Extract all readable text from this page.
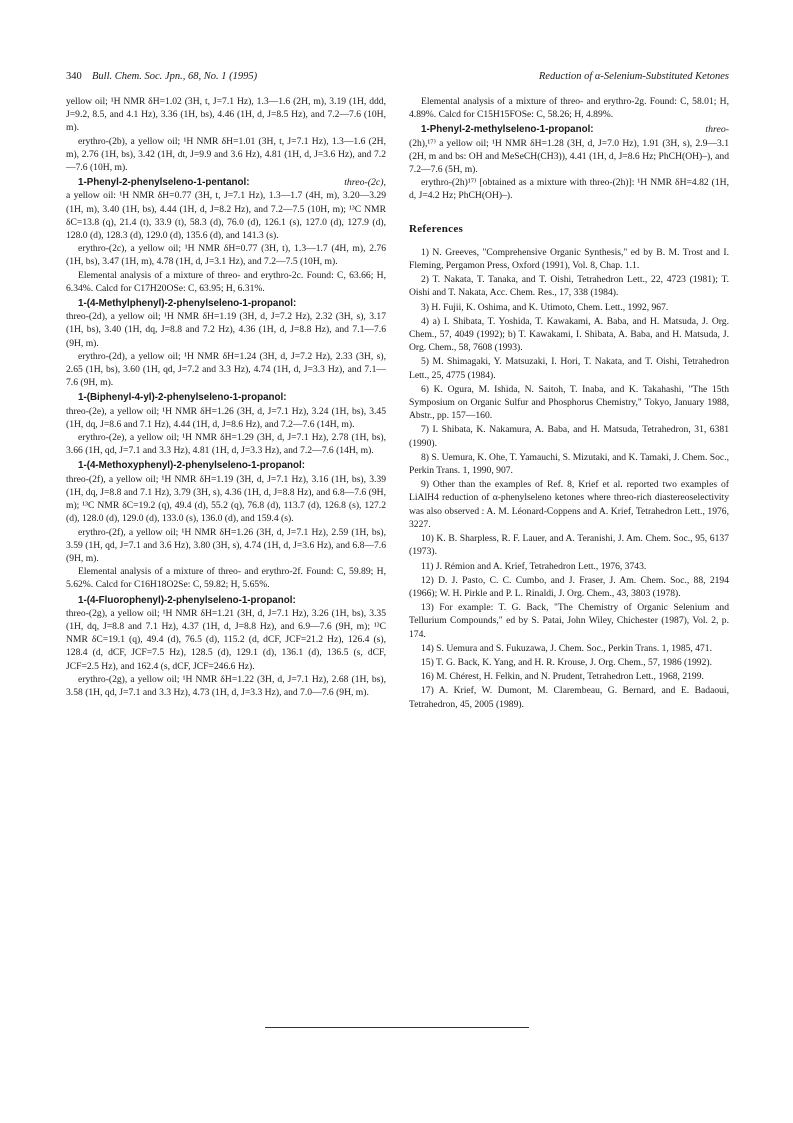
340 Bull. Chem. Soc. Jpn., 68, No. 1 (1995)	Reduction of α-Selenium-Substituted Ketones

yellow oil; ¹H NMR δH=1.02 (3H, t, J=7.1 Hz), 1.3—1.6 (2H, m), 3.19 (1H, ddd, J=9.2, 8.5, and 4.1 Hz), 3.36 (1H, bs), 4.46 (1H, d, J=8.5 Hz), and 7.2—7.6 (10H, m).

erythro-(2b), a yellow oil; ¹H NMR δH=1.01 (3H, t, J=7.1 Hz), 1.3—1.6 (2H, m), 2.76 (1H, bs), 3.42 (1H, dt, J=9.9 and 3.6 Hz), 4.81 (1H, d, J=3.6 Hz), and 7.2—7.6 (10H, m).

1-Phenyl-2-phenylseleno-1-pentanol:	threo-(2c),

a yellow oil: ¹H NMR δH=0.77 (3H, t, J=7.1 Hz), 1.3—1.7 (4H, m), 3.20—3.29 (1H, m), 3.40 (1H, bs), 4.44 (1H, d, J=8.2 Hz), and 7.2—7.5 (10H, m); ¹³C NMR δC=13.8 (q), 21.4 (t), 33.9 (t), 58.3 (d), 76.0 (d), 126.1 (s), 127.0 (d), 127.9 (d), 128.0 (d), 128.3 (d), 129.0 (d), 135.6 (d), and 141.3 (s).

erythro-(2c), a yellow oil; ¹H NMR δH=0.77 (3H, t), 1.3—1.7 (4H, m), 2.76 (1H, bs), 3.47 (1H, m), 4.78 (1H, d, J=3.1 Hz), and 7.2—7.5 (10H, m).

Elemental analysis of a mixture of threo- and erythro-2c. Found: C, 63.66; H, 6.34%. Calcd for C17H20OSe: C, 63.95; H, 6.31%.

1-(4-Methylphenyl)-2-phenylseleno-1-propanol:

threo-(2d), a yellow oil; ¹H NMR δH=1.19 (3H, d, J=7.2 Hz), 2.32 (3H, s), 3.17 (1H, bs), 3.40 (1H, dq, J=8.8 and 7.2 Hz), 4.36 (1H, d, J=8.8 Hz), and 7.1—7.6 (9H, m).

erythro-(2d), a yellow oil; ¹H NMR δH=1.24 (3H, d, J=7.2 Hz), 2.33 (3H, s), 2.65 (1H, bs), 3.60 (1H, qd, J=7.2 and 3.3 Hz), 4.74 (1H, d, J=3.3 Hz), and 7.1—7.6 (9H, m).

1-(Biphenyl-4-yl)-2-phenylseleno-1-propanol:

threo-(2e), a yellow oil; ¹H NMR δH=1.26 (3H, d, J=7.1 Hz), 3.24 (1H, bs), 3.45 (1H, dq, J=8.6 and 7.1 Hz), 4.44 (1H, d, J=8.6 Hz), and 7.2—7.6 (14H, m).

erythro-(2e), a yellow oil; ¹H NMR δH=1.29 (3H, d, J=7.1 Hz), 2.78 (1H, bs), 3.66 (1H, qd, J=7.1 and 3.3 Hz), 4.81 (1H, d, J=3.3 Hz), and 7.2—7.6 (14H, m).

1-(4-Methoxyphenyl)-2-phenylseleno-1-propanol:

threo-(2f), a yellow oil; ¹H NMR δH=1.19 (3H, d, J=7.1 Hz), 3.16 (1H, bs), 3.39 (1H, dq, J=8.8 and 7.1 Hz), 3.79 (3H, s), 4.36 (1H, d, J=8.8 Hz), and 6.8—7.6 (9H, m); ¹³C NMR δC=19.2 (q), 49.4 (d), 55.2 (q), 76.8 (d), 113.7 (d), 126.8 (s), 127.2 (d), 128.0 (d), 129.0 (d), 133.0 (s), 136.0 (d), and 159.4 (s).

erythro-(2f), a yellow oil; ¹H NMR δH=1.26 (3H, d, J=7.1 Hz), 2.59 (1H, bs), 3.59 (1H, qd, J=7.1 and 3.6 Hz), 3.80 (3H, s), 4.74 (1H, d, J=3.6 Hz), and 6.8—7.6 (9H, m).

Elemental analysis of a mixture of threo- and erythro-2f. Found: C, 59.89; H, 5.62%. Calcd for C16H18O2Se: C, 59.82; H, 5.65%.

1-(4-Fluorophenyl)-2-phenylseleno-1-propanol:

threo-(2g), a yellow oil; ¹H NMR δH=1.21 (3H, d, J=7.1 Hz), 3.26 (1H, bs), 3.35 (1H, dq, J=8.8 and 7.1 Hz), 4.37 (1H, d, J=8.8 Hz), and 6.9—7.6 (9H, m); ¹³C NMR δC=19.1 (q), 49.4 (d), 76.5 (d), 115.2 (d, dCF, JCF=21.2 Hz), 126.4 (s), 128.4 (d, dCF, JCF=7.5 Hz), 128.5 (d), 129.1 (d), 136.1 (d), 136.5 (s, dCF, JCF=2.5 Hz), and 162.4 (s, dCF, JCF=246.6 Hz).

erythro-(2g), a yellow oil; ¹H NMR δH=1.22 (3H, d, J=7.1 Hz), 2.68 (1H, bs), 3.58 (1H, qd, J=7.1 and 3.3 Hz), 4.73 (1H, d, J=3.3 Hz), and 7.0—7.6 (9H, m).

Elemental analysis of a mixture of threo- and erythro-2g. Found: C, 58.01; H, 4.89%. Calcd for C15H15FOSe: C, 58.26; H, 4.89%.

1-Phenyl-2-methylseleno-1-propanol:	threo-

(2h),¹⁷⁾ a yellow oil; ¹H NMR δH=1.28 (3H, d, J=7.0 Hz), 1.91 (3H, s), 2.9—3.1 (2H, m and bs: OH and MeSeCH(CH3)), 4.41 (1H, d, J=8.6 Hz; PhCH(OH)–), and 7.2—7.6 (5H, m).

erythro-(2h)¹⁷⁾ [obtained as a mixture with threo-(2h)]: ¹H NMR δH=4.82 (1H, d, J=4.2 Hz; PhCH(OH)–).

References

1) N. Greeves, "Comprehensive Organic Synthesis," ed by B. M. Trost and I. Fleming, Pergamon Press, Oxford (1991), Vol. 8, Chap. 1.1.

2) T. Nakata, T. Tanaka, and T. Oishi, Tetrahedron Lett., 22, 4723 (1981); T. Oishi and T. Nakata, Acc. Chem. Res., 17, 338 (1984).

3) H. Fujii, K. Oshima, and K. Utimoto, Chem. Lett., 1992, 967.

4) a) I. Shibata, T. Yoshida, T. Kawakami, A. Baba, and H. Matsuda, J. Org. Chem., 57, 4049 (1992); b) T. Kawakami, I. Shibata, A. Baba, and H. Matsuda, J. Org. Chem., 58, 7608 (1993).

5) M. Shimagaki, Y. Matsuzaki, I. Hori, T. Nakata, and T. Oishi, Tetrahedron Lett., 25, 4775 (1984).

6) K. Ogura, M. Ishida, N. Saitoh, T. Inaba, and K. Takahashi, "The 15th Symposium on Organic Sulfur and Phosphorus Chemistry," Tokyo, January 1988, Abstr., pp. 157—160.

7) I. Shibata, K. Nakamura, A. Baba, and H. Matsuda, Tetrahedron, 31, 6381 (1990).

8) S. Uemura, K. Ohe, T. Yamauchi, S. Mizutaki, and K. Tamaki, J. Chem. Soc., Perkin Trans. 1, 1990, 907.

9) Other than the examples of Ref. 8, Krief et al. reported two examples of LiAlH4 reduction of α-phenylseleno ketones where threo-rich diastereoselectivity was also observed : A. M. Léonard-Coppens and A. Krief, Tetrahedron Lett., 1976, 3227.

10) K. B. Sharpless, R. F. Lauer, and A. Teranishi, J. Am. Chem. Soc., 95, 6137 (1973).

11) J. Rémion and A. Krief, Tetrahedron Lett., 1976, 3743.

12) D. J. Pasto, C. C. Cumbo, and J. Fraser, J. Am. Chem. Soc., 88, 2194 (1966); W. H. Pirkle and P. L. Rinaldi, J. Org. Chem., 43, 3803 (1978).

13) For example: T. G. Back, "The Chemistry of Organic Selenium and Tellurium Compounds," ed by S. Patai, John Wiley, Chichester (1987), Vol. 2, p. 174.

14) S. Uemura and S. Fukuzawa, J. Chem. Soc., Perkin Trans. 1, 1985, 471.

15) T. G. Back, K. Yang, and H. R. Krouse, J. Org. Chem., 57, 1986 (1992).

16) M. Chérest, H. Felkin, and N. Prudent, Tetrahedron Lett., 1968, 2199.

17) A. Krief, W. Dumont, M. Clarembeau, G. Bernard, and E. Badaoui, Tetrahedron, 45, 2005 (1989).
